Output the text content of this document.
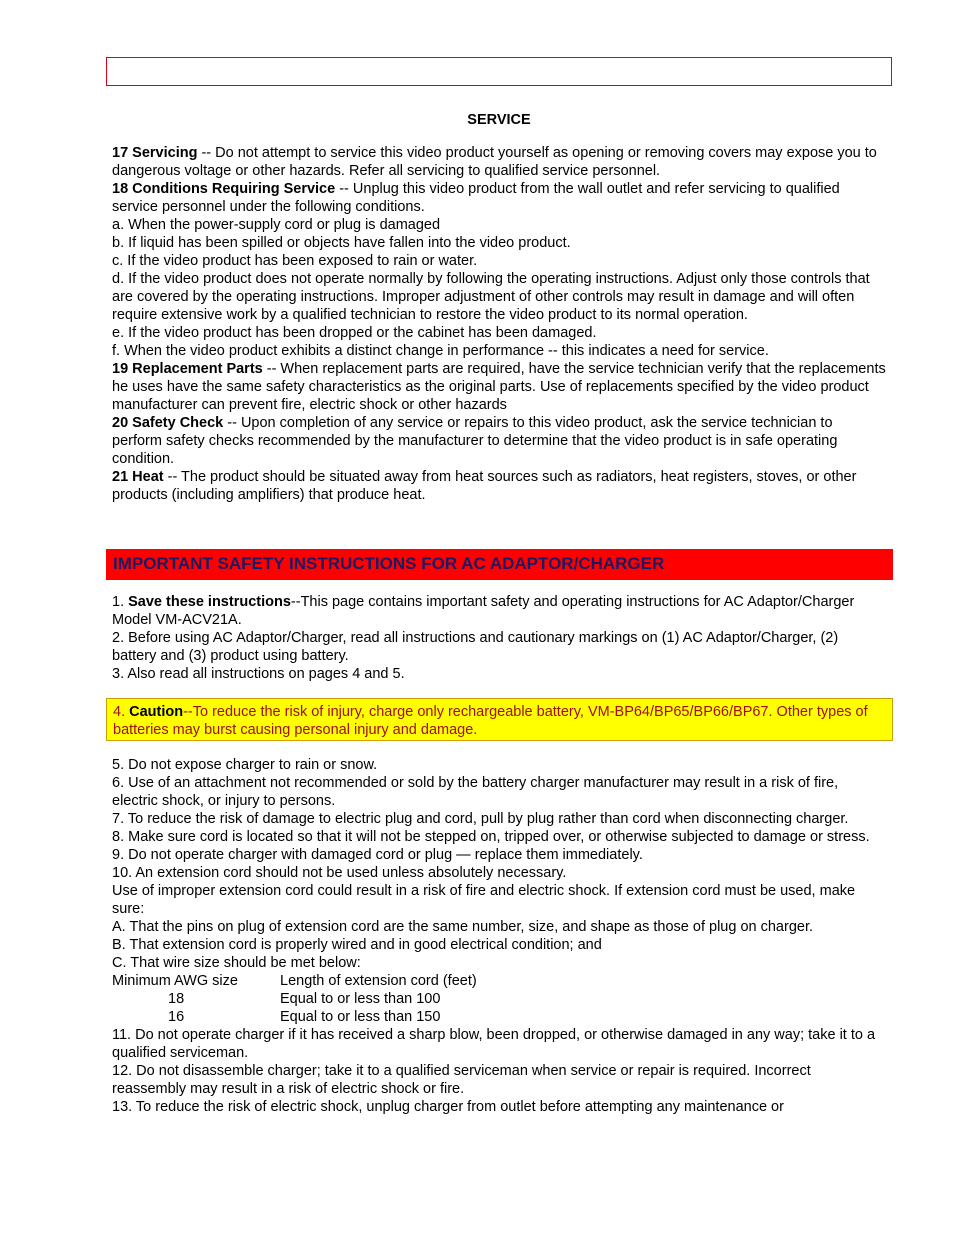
SERVICE

17 Servicing -- Do not attempt to service this video product yourself as opening or removing covers may expose you to dangerous voltage or other hazards. Refer all servicing to qualified service personnel.

18 Conditions Requiring Service -- Unplug this video product from the wall outlet and refer servicing to qualified service personnel under the following conditions.

a. When the power-supply cord or plug is damaged

b. If liquid has been spilled or objects have fallen into the video product.

c. If the video product has been exposed to rain or water.

d. If the video product does not operate normally by following the operating instructions. Adjust only those controls that are covered by the operating instructions. Improper adjustment of other controls may result in damage and will often require extensive work by a qualified technician to restore the video product to its normal operation.

e. If the video product has been dropped or the cabinet has been damaged.

f. When the video product exhibits a distinct change in performance -- this indicates a need for service.

19 Replacement Parts -- When replacement parts are required, have the service technician verify that the replacements he uses have the same safety characteristics as the original parts. Use of replacements specified by the video product manufacturer can prevent fire, electric shock or other hazards

20 Safety Check -- Upon completion of any service or repairs to this video product, ask the service technician to perform safety checks recommended by the manufacturer to determine that the video product is in safe operating condition.

21 Heat -- The product should be situated away from heat sources such as radiators, heat registers, stoves, or other products (including amplifiers) that produce heat.

IMPORTANT SAFETY INSTRUCTIONS FOR AC ADAPTOR/CHARGER

1. Save these instructions--This page contains important safety and operating instructions for AC Adaptor/Charger Model VM-ACV21A.

2. Before using AC Adaptor/Charger, read all instructions and cautionary markings on (1) AC Adaptor/Charger, (2) battery and (3) product using battery.

3. Also read all instructions on pages 4 and 5.

4. Caution--To reduce the risk of injury, charge only rechargeable battery, VM-BP64/BP65/BP66/BP67. Other types of batteries may burst causing personal injury and damage.

5. Do not expose charger to rain or snow.

6. Use of an attachment not recommended or sold by the battery charger manufacturer may result in a risk of fire, electric shock, or injury to persons.

7. To reduce the risk of damage to electric plug and cord, pull by plug rather than cord when disconnecting charger.

8. Make sure cord is located so that it will not be stepped on, tripped over, or otherwise subjected to damage or stress.

9. Do not operate charger with damaged cord or plug — replace them immediately.

10. An extension cord should not be used unless absolutely necessary.

Use of improper extension cord could result in a risk of fire and electric shock. If extension cord must be used, make sure:

A. That the pins on plug of extension cord are the same number, size, and shape as those of plug on charger.

B. That extension cord is properly wired and in good electrical condition; and

C. That wire size should be met below:

Minimum AWG size	Length of extension cord (feet)
18	Equal to or less than 100
16	Equal to or less than 150

11. Do not operate charger if it has received a sharp blow, been dropped, or otherwise damaged in any way; take it to a qualified serviceman.

12. Do not disassemble charger; take it to a qualified serviceman when service or repair is required. Incorrect reassembly may result in a risk of electric shock or fire.

13. To reduce the risk of electric shock, unplug charger from outlet before attempting any maintenance or
